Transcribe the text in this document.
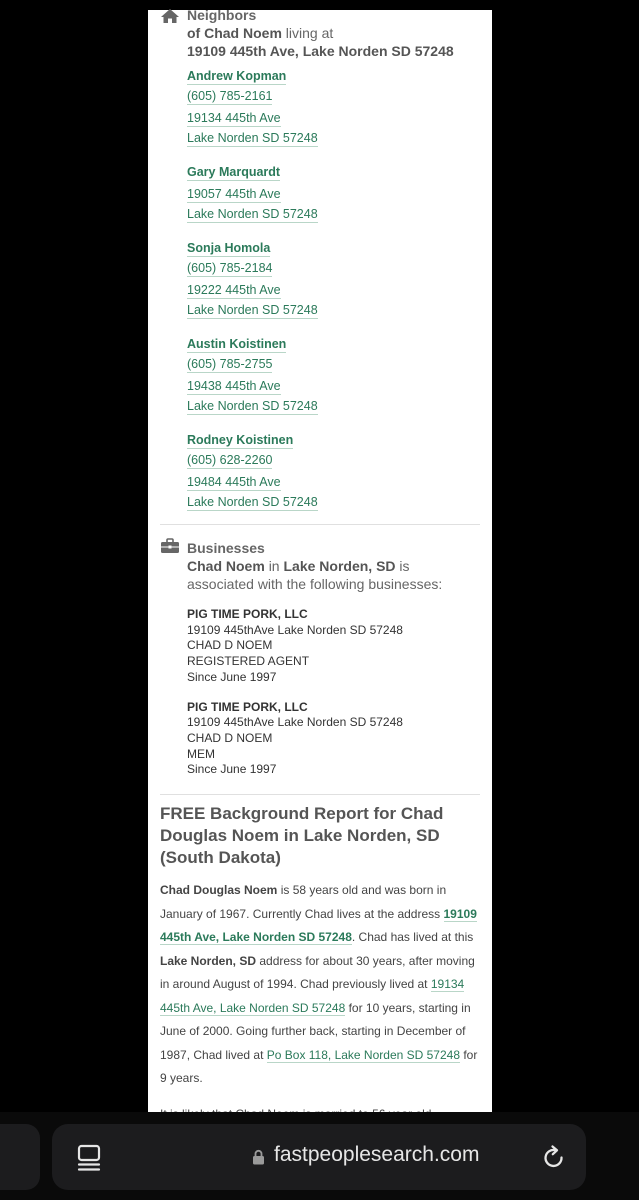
Neighbors
of Chad Noem living at
19109 445th Ave, Lake Norden SD 57248
Andrew Kopman
(605) 785-2161
19134 445th Ave
Lake Norden SD 57248
Gary Marquardt
19057 445th Ave
Lake Norden SD 57248
Sonja Homola
(605) 785-2184
19222 445th Ave
Lake Norden SD 57248
Austin Koistinen
(605) 785-2755
19438 445th Ave
Lake Norden SD 57248
Rodney Koistinen
(605) 628-2260
19484 445th Ave
Lake Norden SD 57248
Businesses
Chad Noem in Lake Norden, SD is
associated with the following businesses:
PIG TIME PORK, LLC
19109 445thAve Lake Norden SD 57248
CHAD D NOEM
REGISTERED AGENT
Since June 1997
PIG TIME PORK, LLC
19109 445thAve Lake Norden SD 57248
CHAD D NOEM
MEM
Since June 1997
FREE Background Report for Chad Douglas Noem in Lake Norden, SD (South Dakota)

Chad Douglas Noem is 58 years old and was born in January of 1967. Currently Chad lives at the address 19109 445th Ave, Lake Norden SD 57248. Chad has lived at this Lake Norden, SD address for about 30 years, after moving in around August of 1994. Chad previously lived at 19134 445th Ave, Lake Norden SD 57248 for 10 years, starting in June of 2000. Going further back, starting in December of 1987, Chad lived at Po Box 118, Lake Norden SD 57248 for 9 years.

fastpeoplesearch.com
